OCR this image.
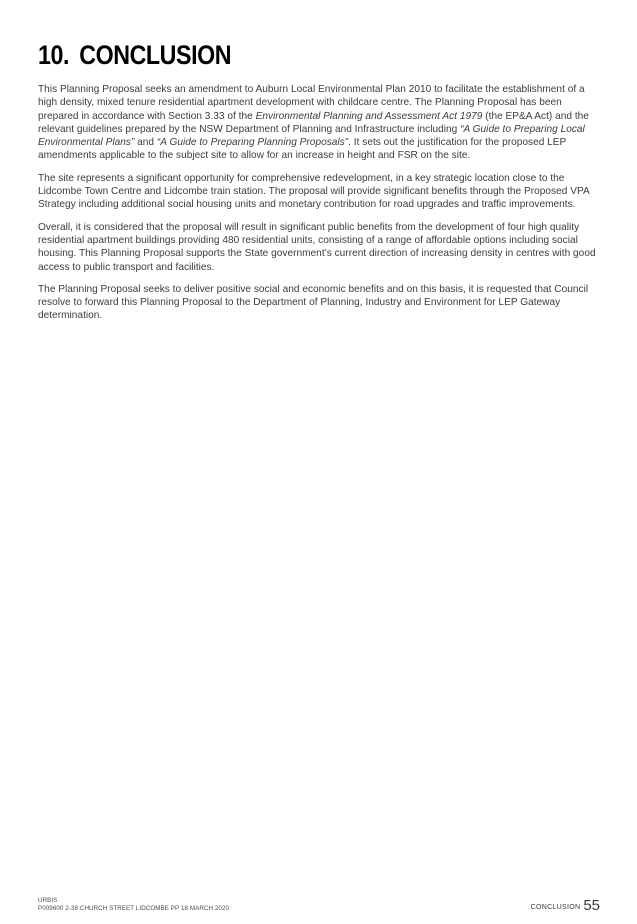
10. CONCLUSION

This Planning Proposal seeks an amendment to Auburn Local Environmental Plan 2010 to facilitate the establishment of a high density, mixed tenure residential apartment development with childcare centre. The Planning Proposal has been prepared in accordance with Section 3.33 of the Environmental Planning and Assessment Act 1979 (the EP&A Act) and the relevant guidelines prepared by the NSW Department of Planning and Infrastructure including “A Guide to Preparing Local Environmental Plans” and “A Guide to Preparing Planning Proposals”. It sets out the justification for the proposed LEP amendments applicable to the subject site to allow for an increase in height and FSR on the site.

The site represents a significant opportunity for comprehensive redevelopment, in a key strategic location close to the Lidcombe Town Centre and Lidcombe train station. The proposal will provide significant benefits through the Proposed VPA Strategy including additional social housing units and monetary contribution for road upgrades and traffic improvements.

Overall, it is considered that the proposal will result in significant public benefits from the development of four high quality residential apartment buildings providing 480 residential units, consisting of a range of affordable options including social housing. This Planning Proposal supports the State government’s current direction of increasing density in centres with good access to public transport and facilities.

The Planning Proposal seeks to deliver positive social and economic benefits and on this basis, it is requested that Council resolve to forward this Planning Proposal to the Department of Planning, Industry and Environment for LEP Gateway determination.

URBIS
P009600 2-38 CHURCH STREET LIDCOMBE PP 18 MARCH 2020	CONCLUSION 55
